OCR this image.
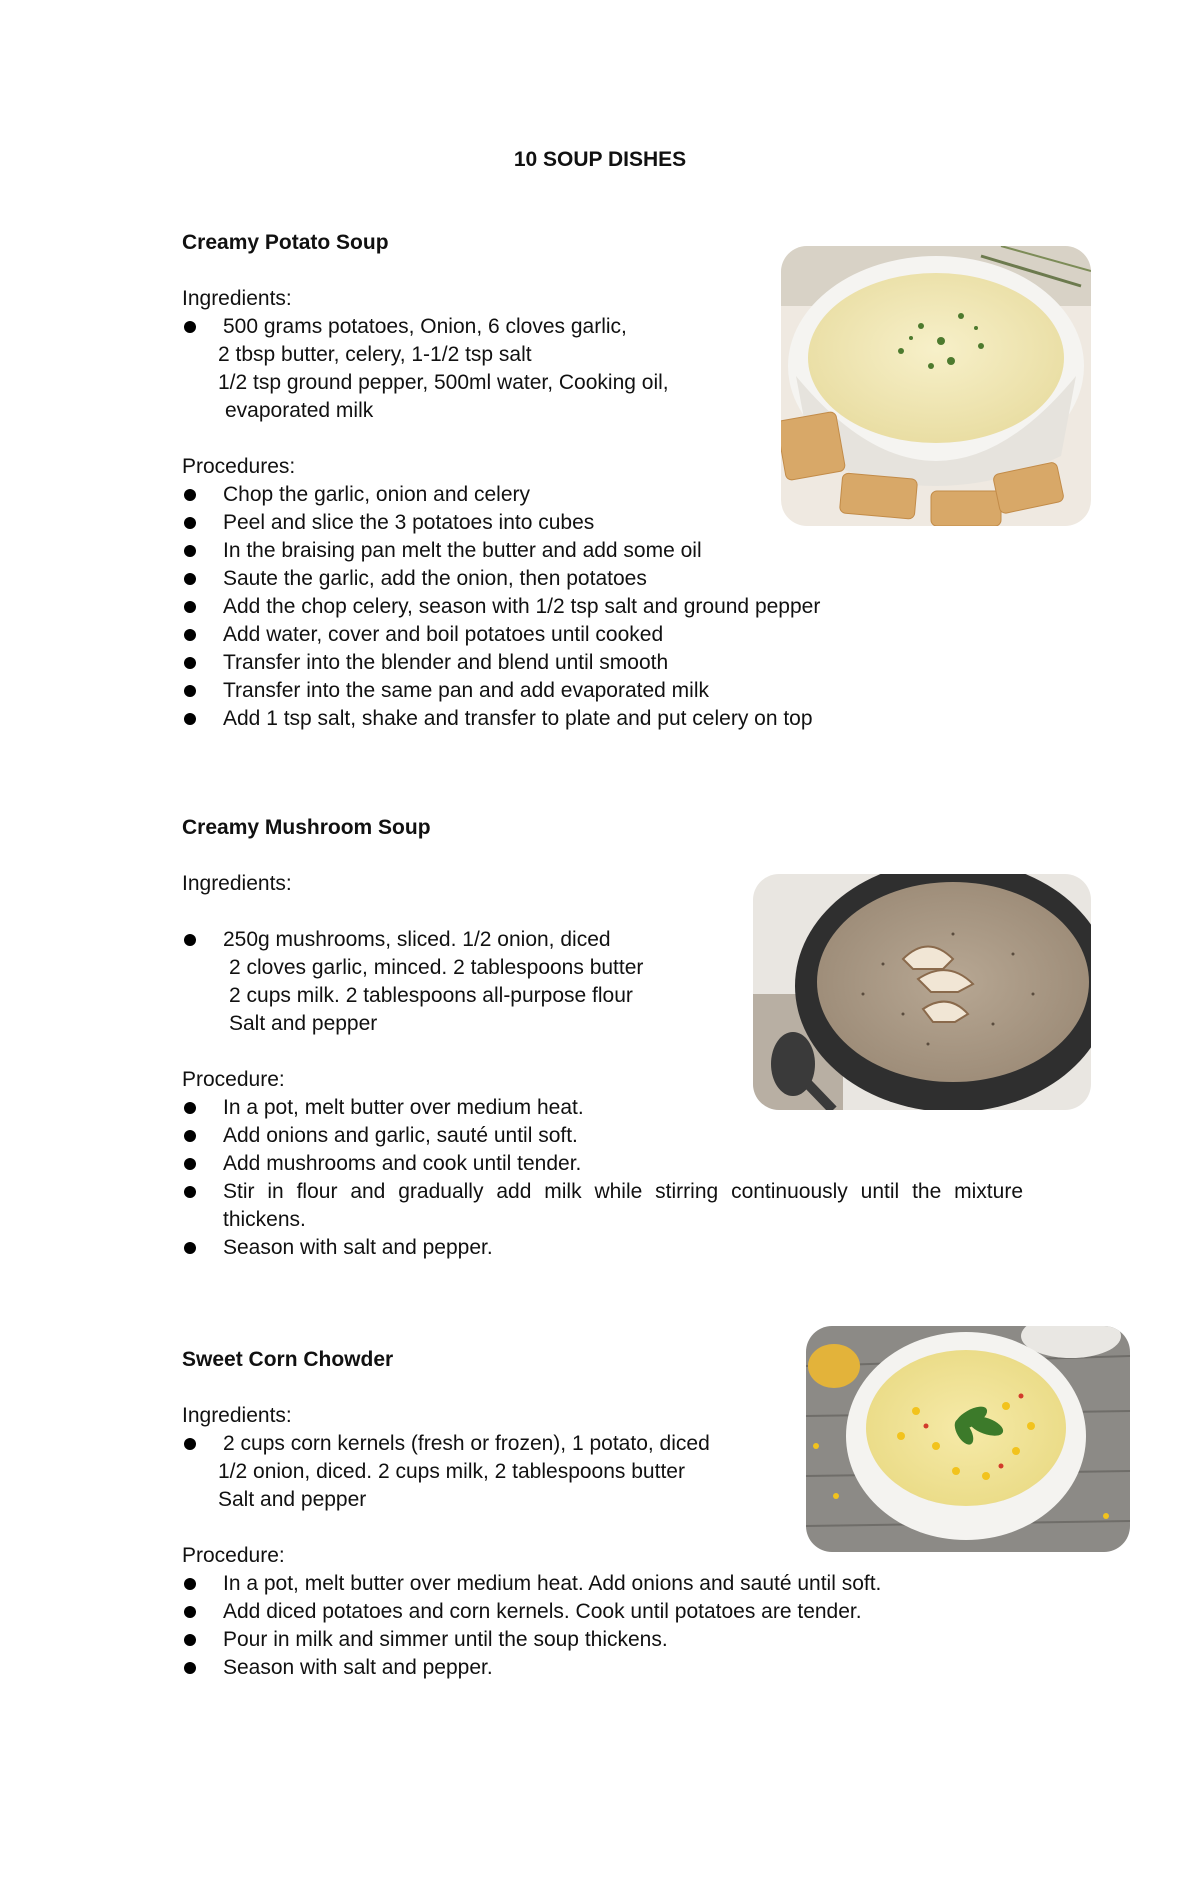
10 SOUP DISHES
Creamy Potato Soup

Ingredients:

500 grams potatoes, Onion, 6 cloves garlic,
2 tbsp butter, celery, 1-1/2 tsp salt
1/2 tsp ground pepper, 500ml water, Cooking oil,
evaporated milk

Procedures:

Chop the garlic, onion and celery
Peel and slice the 3 potatoes into cubes
In the braising pan melt the butter and add some oil
Saute the garlic, add the onion, then potatoes
Add the chop celery, season with 1/2 tsp salt and ground pepper
Add water, cover and boil potatoes until cooked
Transfer into the blender and blend until smooth
Transfer into the same pan and add evaporated milk
Add 1 tsp salt, shake and transfer to plate and put celery on top
Creamy Mushroom Soup

Ingredients:

250g mushrooms, sliced. 1/2 onion, diced
2 cloves garlic, minced. 2 tablespoons butter
2 cups milk. 2 tablespoons all-purpose flour
Salt and pepper

Procedure:

In a pot, melt butter over medium heat.
Add onions and garlic, sauté until soft.
Add mushrooms and cook until tender.
Stir in flour and gradually add milk while stirring continuously until the mixture thickens.
Season with salt and pepper.
Sweet Corn Chowder

Ingredients:

2 cups corn kernels (fresh or frozen), 1 potato, diced
1/2 onion, diced. 2 cups milk, 2 tablespoons butter
Salt and pepper

Procedure:

In a pot, melt butter over medium heat. Add onions and sauté until soft.
Add diced potatoes and corn kernels. Cook until potatoes are tender.
Pour in milk and simmer until the soup thickens.
Season with salt and pepper.
